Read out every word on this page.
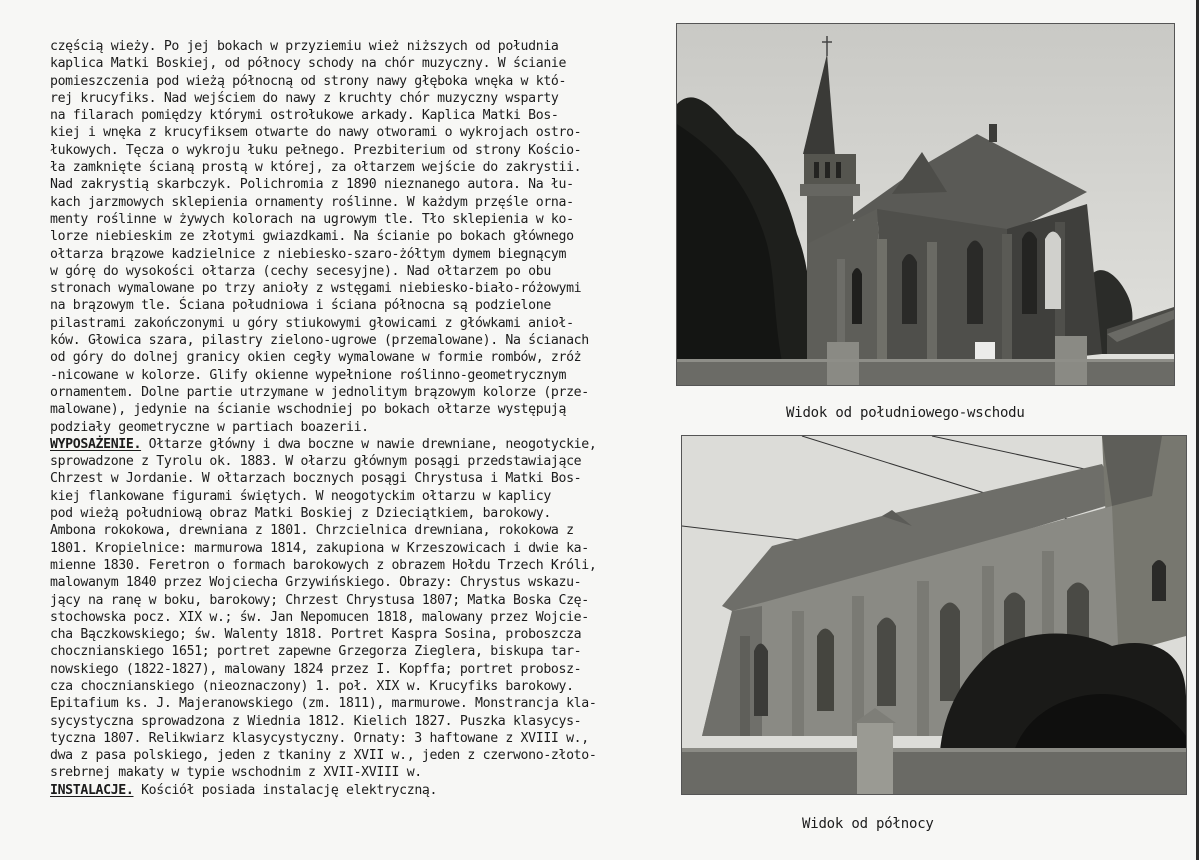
częścią wieży. Po jej bokach w przyziemiu wież niższych od południa
kaplica Matki Boskiej, od północy schody na chór muzyczny. W ścianie
pomieszczenia pod wieżą północną od strony nawy głęboka wnęka w któ-
rej krucyfiks. Nad wejściem do nawy z kruchty chór muzyczny wsparty
na filarach pomiędzy którymi ostrołukowe arkady. Kaplica Matki Bos-
kiej i wnęka z krucyfiksem otwarte do nawy otworami o wykrojach ostro-
łukowych. Tęcza o wykroju łuku pełnego. Prezbiterium od strony Kościo-
ła zamknięte ścianą prostą w której, za ołtarzem wejście do zakrystii.
Nad zakrystią skarbczyk. Polichromia z 1890 nieznanego autora. Na łu-
kach jarzmowych sklepienia ornamenty roślinne. W każdym przęśle orna-
menty roślinne w żywych kolorach na ugrowym tle. Tło sklepienia w ko-
lorze niebieskim ze złotymi gwiazdkami. Na ścianie po bokach głównego
ołtarza brązowe kadzielnice z niebiesko-szaro-żółtym dymem biegnącym
w górę do wysokości ołtarza (cechy secesyjne). Nad ołtarzem po obu
stronach wymalowane po trzy anioły z wstęgami niebiesko-biało-różowymi
na brązowym tle. Ściana południowa i ściana północna są podzielone
pilastrami zakończonymi u góry stiukowymi głowicami z główkami anioł-
ków. Głowica szara, pilastry zielono-ugrowe (przemalowane). Na ścianach
od góry do dolnej granicy okien cegły wymalowane w formie rombów, zróż
-nicowane w kolorze. Glify okienne wypełnione roślinno-geometrycznym
ornamentem. Dolne partie utrzymane w jednolitym brązowym kolorze (prze-
malowane), jedynie na ścianie wschodniej po bokach ołtarze występują
podziały geometryczne w partiach boazerii.
WYPOSAŻENIE. Ołtarze główny i dwa boczne w nawie drewniane, neogotyckie,
sprowadzone z Tyrolu ok. 1883. W ołarzu głównym posągi przedstawiające
Chrzest w Jordanie. W ołtarzach bocznych posągi Chrystusa i Matki Bos-
kiej flankowane figurami świętych. W neogotyckim ołtarzu w kaplicy
pod wieżą południową obraz Matki Boskiej z Dzieciątkiem, barokowy.
Ambona rokokowa, drewniana z 1801. Chrzcielnica drewniana, rokokowa z
1801. Kropielnice: marmurowa 1814, zakupiona w Krzeszowicach i dwie ka-
mienne 1830. Feretron o formach barokowych z obrazem Hołdu Trzech Króli,
malowanym 1840 przez Wojciecha Grzywińskiego. Obrazy: Chrystus wskazu-
jący na ranę w boku, barokowy; Chrzest Chrystusa 1807; Matka Boska Czę-
stochowska pocz. XIX w.; św. Jan Nepomucen 1818, malowany przez Wojcie-
cha Bączkowskiego; św. Walenty 1818. Portret Kaspra Sosina, proboszcza
chocznianskiego 1651; portret zapewne Grzegorza Zieglera, biskupa tar-
nowskiego (1822-1827), malowany 1824 przez I. Kopffa; portret probosz-
cza chocznianskiego (nieoznaczony) 1. poł. XIX w. Krucyfiks barokowy.
Epitafium ks. J. Majeranowskiego (zm. 1811), marmurowe. Monstrancja kla-
sycystyczna sprowadzona z Wiednia 1812. Kielich 1827. Puszka klasycys-
tyczna 1807. Relikwiarz klasycystyczny. Ornaty: 3 haftowane z XVIII w.,
dwa z pasa polskiego, jeden z tkaniny z XVII w., jeden z czerwono-złoto-
srebrnej makaty w typie wschodnim z XVII-XVIII w.
INSTALACJE. Kościół posiada instalację elektryczną.
Widok od południowego-wschodu
Widok od północy
